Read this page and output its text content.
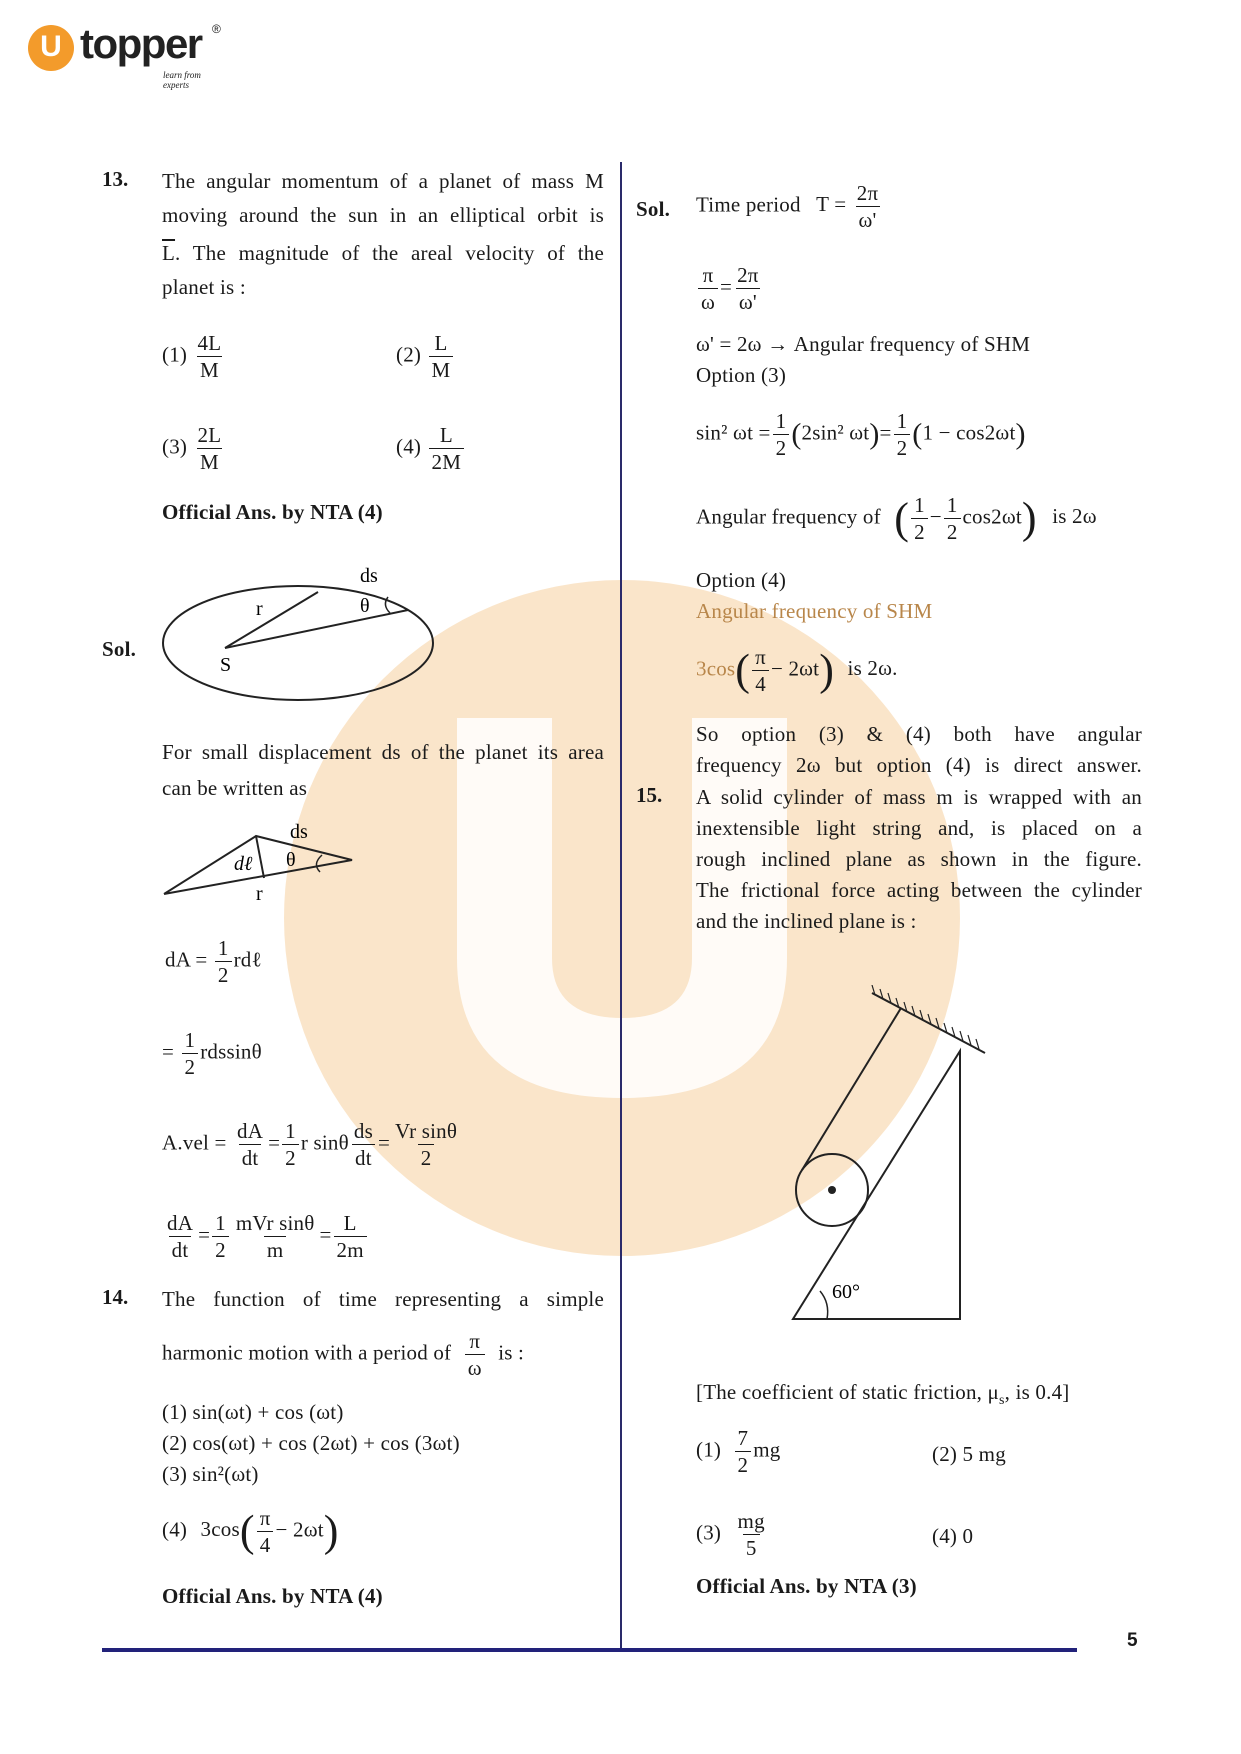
U topper ®
learn from experts
5
13. The angular momentum of a planet of mass M
moving around the sun in an elliptical orbit is
$\overline{L}$. The magnitude of the areal velocity of the
planet is :
$(1) \frac{4L}{M}$	$(2) \frac{L}{M}$
$(3) \frac{2L}{M}$	$(4) \frac{L}{2M}$
Official Ans. by NTA (4)
Sol.
ds
r	θ
S
For small displacement ds of the planet its area
can be written as
ds
dℓ θ
r
dA = $\frac{1}{2}$ rdℓ
= $\frac{1}{2}$ rdssinθ
$A.vel = \frac{dA}{dt} = \frac{1}{2}$ r sinθ $\frac{ds}{dt} = \frac{\text{Vr sinθ}}{2}$
$\frac{dA}{dt} = \frac{1}{2} \frac{\text{mVr sinθ}}{m} = \frac{L}{2m}$
14. The function of time representing a simple
harmonic motion with a period of $\frac{\pi}{\omega}$ is :
(1) sin(ωt) + cos (ωt)
(2) cos(ωt) + cos (2ωt) + cos (3ωt)
(3) sin²(ωt)
(4) $3\cos( \frac{\pi}{4} - 2\omega t)$
Official Ans. by NTA (4)
Sol. Time period $T = \frac{2\pi}{\omega'}$
$\frac{\pi}{\omega} = \frac{2\pi}{\omega'}$
ω' = 2ω → Angular frequency of SHM
Option (3)
sin² $\omega t = \frac{1}{2} (2\sin^2$ $\omega t)= \frac{1}{2} (1 - \cos 2\omega t)$
Angular frequency of ( $\frac{1}{2} - \frac{1}{2} \cos 2\omega t$) is 2ω
Option (4)
Angular frequency of SHM
$3\cos( \frac{\pi}{4} - 2\omega t)$ is 2ω.
So option (3) & (4) both have angular
frequency 2ω but option (4) is direct answer.
15. A solid cylinder of mass m is wrapped with an
inextensible light string and, is placed on a
rough inclined plane as shown in the figure.
The frictional force acting between the cylinder
and the inclined plane is :
60°
[The coefficient of static friction, $\mu_s$, is 0.4]
$(1) \frac{7}{2}$ mg	(2) 5 mg
$(3) \frac{mg}{5}$	(4) 0
Official Ans. by NTA (3)
